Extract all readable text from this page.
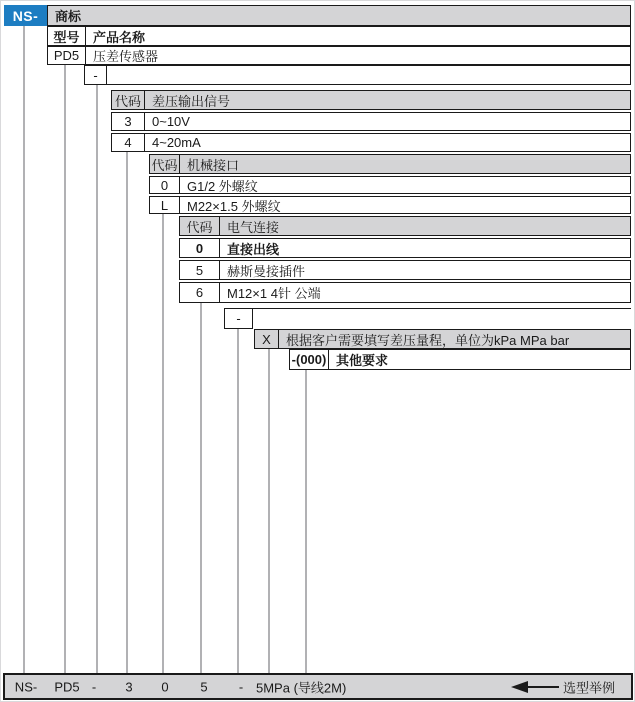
NS-	商标
型号	产品名称
PD5	压差传感器
-
代码 差压输出信号
3	0~10V
4	4~20mA
代码 机械接口
0	G1/2 外螺纹
L	M22×1.5 外螺纹
代码	电气连接
0	直接出线
5	赫斯曼接插件
6	M12×1 4针 公端
-
X	根据客户需要填写差压量程，单位为kPa MPa bar
-(000) 其他要求
NS- PD5 - 3 0 5 - 5MPa (导线2M)	选型举例
